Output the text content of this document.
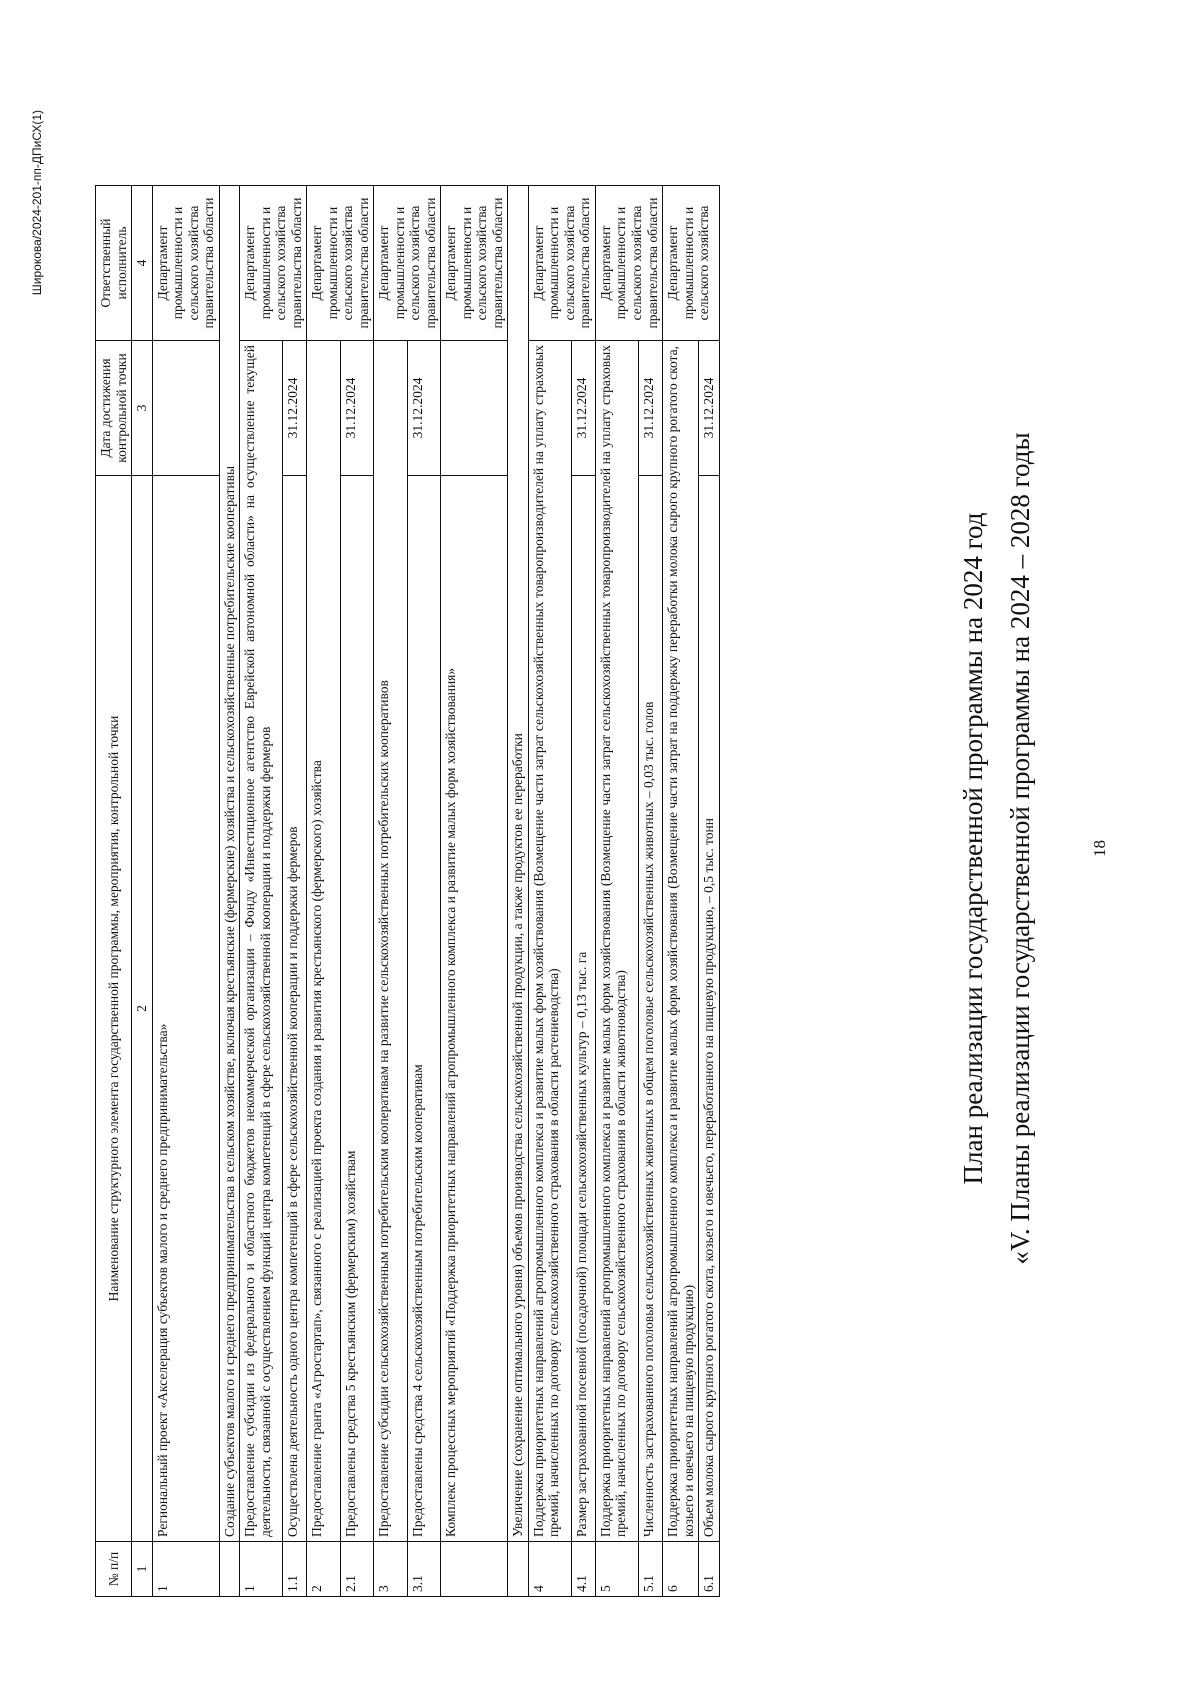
18
«V. Планы реализации государственной программы на 2024 – 2028 годы
План реализации государственной программы на 2024 год
№ п/п	Наименование структурного элемента государственной программы, мероприятия, контрольной точки	Дата достижения контрольной точки	Ответственный исполнитель
1	2	3	4
1	Региональный проект «Акселерация субъектов малого и среднего предпринимательства»		Департамент промышленности и сельского хозяйства правительства области
	Создание субъектов малого и среднего предпринимательства в сельском хозяйстве, включая крестьянские (фермерские) хозяйства и сельскохозяйственные потребительские кооперативы		
1	Предоставление субсидии из федерального и областного бюджетов некоммерческой организации – Фонду «Инвестиционное агентство Еврейской автономной области» на осуществление текущей деятельности, связанной с осуществлением функций центра компетенций в сфере сельскохозяйственной кооперации и поддержки фермеров		Департамент промышленности и сельского хозяйства правительства области
1.1	Осуществлена деятельность одного центра компетенций в сфере сельскохозяйственной кооперации и поддержки фермеров	31.12.2024	
2	Предоставление гранта «Агростартап», связанного с реализацией проекта создания и развития крестьянского (фермерского) хозяйства		Департамент промышленности и сельского хозяйства правительства области
2.1	Предоставлены средства 5 крестьянским (фермерским) хозяйствам	31.12.2024	
3	Предоставление субсидии сельскохозяйственным потребительским кооперативам на развитие сельскохозяйственных потребительских кооперативов		Департамент промышленности и сельского хозяйства правительства области
3.1	Предоставлены средства 4 сельскохозяйственным потребительским кооперативам	31.12.2024	
	Комплекс процессных мероприятий «Поддержка приоритетных направлений агропромышленного комплекса и развитие малых форм хозяйствования»		Департамент промышленности и сельского хозяйства правительства области
	Увеличение (сохранение оптимального уровня) объемов производства сельскохозяйственной продукции, а также продуктов ее переработки		
4	Поддержка приоритетных направлений агропромышленного комплекса и развитие малых форм хозяйствования (Возмещение части затрат сельскохозяйственных товаропроизводителей на уплату страховых премий, начисленных по договору сельскохозяйственного страхования в области растениеводства)		Департамент промышленности и сельского хозяйства правительства области
4.1	Размер застрахованной посевной (посадочной) площади сельскохозяйственных культур – 0,13 тыс. га	31.12.2024	
5	Поддержка приоритетных направлений агропромышленного комплекса и развитие малых форм хозяйствования (Возмещение части затрат сельскохозяйственных товаропроизводителей на уплату страховых премий, начисленных по договору сельскохозяйственного страхования в области животноводства)		Департамент промышленности и сельского хозяйства правительства области
5.1	Численность застрахованного поголовья сельскохозяйственных животных в общем поголовье сельскохозяйственных животных – 0,03 тыс. голов	31.12.2024	
6	Поддержка приоритетных направлений агропромышленного комплекса и развитие малых форм хозяйствования (Возмещение части затрат на поддержку переработки молока сырого крупного рогатого скота, козьего и овечьего на пищевую продукцию)		Департамент промышленности и сельского хозяйства
6.1	Объем молока сырого крупного рогатого скота, козьего и овечьего, переработанного на пищевую продукцию, – 0,5 тыс. тонн	31.12.2024	
Широкова/2024-201-пп-ДПиСХ(1)
